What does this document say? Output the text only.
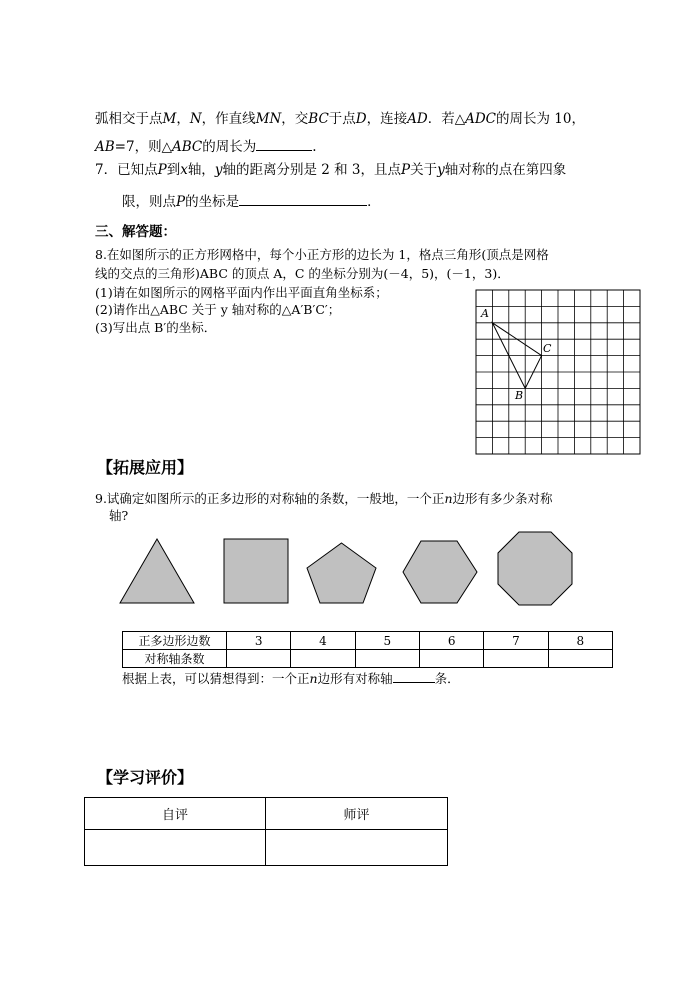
弧相交于点M，N，作直线MN，交BC于点D，连接AD．若△ADC的周长为 10，
AB=7，则△ABC的周长为	.
7．已知点P到x轴，y轴的距离分别是 2 和 3，且点P关于y轴对称的点在第四象
限，则点P的坐标是	．
三、解答题：
8.在如图所示的正方形网格中，每个小正方形的边长为 1，格点三角形(顶点是网格
线的交点的三角形)ABC 的顶点 A，C 的坐标分别为(－4，5)，(－1，3)．
(1)请在如图所示的网格平面内作出平面直角坐标系；
(2)请作出△ABC 关于 y 轴对称的△A′B′C′；
(3)写出点 B′的坐标．
A
C
B
【拓展应用】
9.试确定如图所示的正多边形的对称轴的条数，一般地，一个正n边形有多少条对称
轴?
正多边形边数	3	4	5	6	7	8
对称轴条数						
根据上表，可以猜想得到：一个正n边形有对称轴	条．
【学习评价】
自评	师评
